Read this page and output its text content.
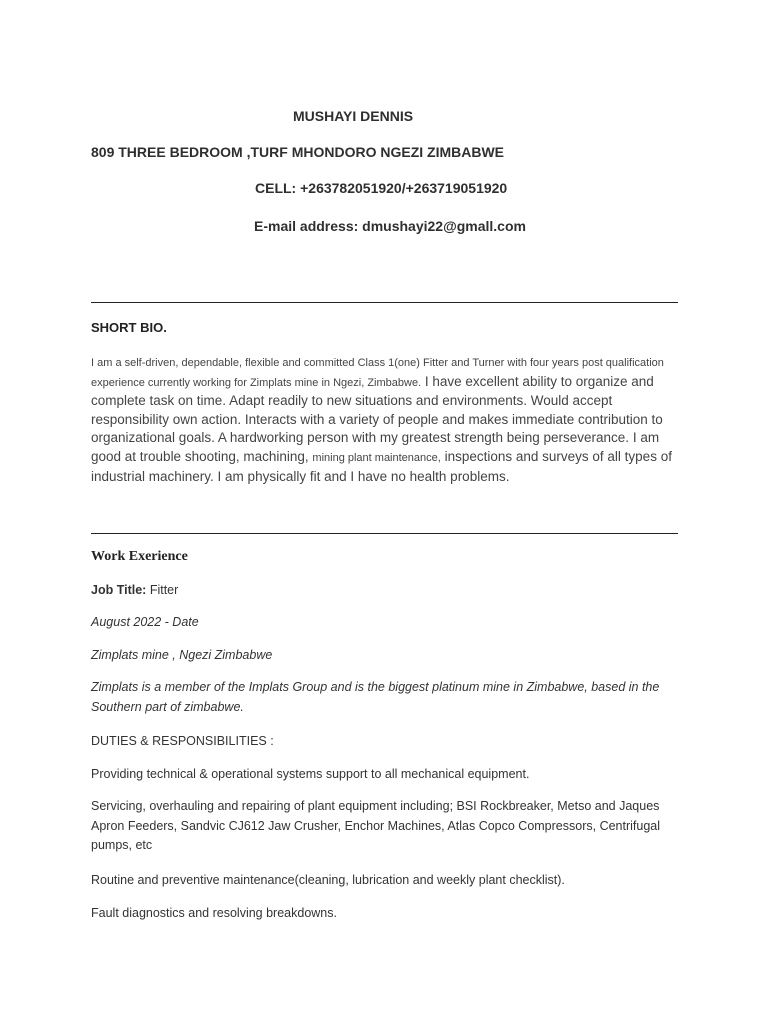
MUSHAYI DENNIS

809 THREE BEDROOM ,TURF MHONDORO NGEZI ZIMBABWE

CELL: +263782051920/+263719051920

E-mail address: dmushayi22@gmall.com

SHORT BIO.

I am a self-driven, dependable, flexible and committed Class 1(one) Fitter and Turner with four years post qualification experience currently working for Zimplats mine in Ngezi, Zimbabwe. I have excellent ability to organize and complete task on time. Adapt readily to new situations and environments. Would accept responsibility own action. Interacts with a variety of people and makes immediate contribution to organizational goals. A hardworking person with my greatest strength being perseverance. I am good at trouble shooting, machining, mining plant maintenance, inspections and surveys of all types of industrial machinery. I am physically fit and I have no health problems.

Work Exerience

Job Title: Fitter

August 2022 - Date

Zimplats mine , Ngezi Zimbabwe

Zimplats is a member of the Implats Group and is the biggest platinum mine in Zimbabwe, based in the Southern part of zimbabwe.

DUTIES & RESPONSIBILITIES :

Providing technical & operational systems support to all mechanical equipment.

Servicing, overhauling and repairing of plant equipment including; BSI Rockbreaker, Metso and Jaques Apron Feeders, Sandvic CJ612 Jaw Crusher, Enchor Machines, Atlas Copco Compressors, Centrifugal pumps, etc

Routine and preventive maintenance(cleaning, lubrication and weekly plant checklist).

Fault diagnostics and resolving breakdowns.
